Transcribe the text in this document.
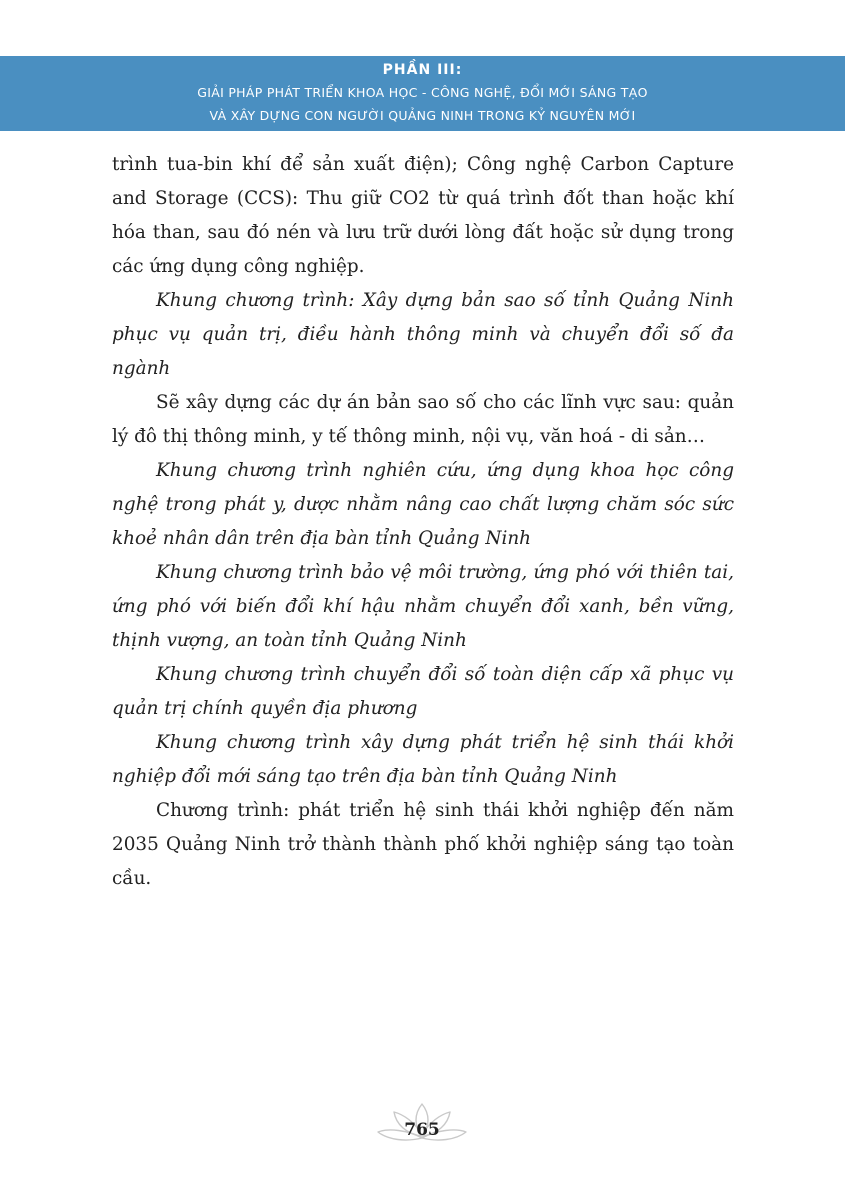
PHẦN III:
GIẢI PHÁP PHÁT TRIỂN KHOA HỌC - CÔNG NGHỆ, ĐỔI MỚI SÁNG TẠO
VÀ XÂY DỰNG CON NGƯỜI QUẢNG NINH TRONG KỶ NGUYÊN MỚI

trình tua-bin khí để sản xuất điện); Công nghệ Carbon Capture and Storage (CCS): Thu giữ CO2 từ quá trình đốt than hoặc khí hóa than, sau đó nén và lưu trữ dưới lòng đất hoặc sử dụng trong các ứng dụng công nghiệp.

Khung chương trình: Xây dựng bản sao số tỉnh Quảng Ninh phục vụ quản trị, điều hành thông minh và chuyển đổi số đa ngành

Sẽ xây dựng các dự án bản sao số cho các lĩnh vực sau: quản lý đô thị thông minh, y tế thông minh, nội vụ, văn hoá - di sản…

Khung chương trình nghiên cứu, ứng dụng khoa học công nghệ trong phát y, dược nhằm nâng cao chất lượng chăm sóc sức khoẻ nhân dân trên địa bàn tỉnh Quảng Ninh

Khung chương trình bảo vệ môi trường, ứng phó với thiên tai, ứng phó với biến đổi khí hậu nhằm chuyển đổi xanh, bền vững, thịnh vượng, an toàn tỉnh Quảng Ninh

Khung chương trình chuyển đổi số toàn diện cấp xã phục vụ quản trị chính quyền địa phương

Khung chương trình xây dựng phát triển hệ sinh thái khởi nghiệp đổi mới sáng tạo trên địa bàn tỉnh Quảng Ninh

Chương trình: phát triển hệ sinh thái khởi nghiệp đến năm 2035 Quảng Ninh trở thành thành phố khởi nghiệp sáng tạo toàn cầu.

765
